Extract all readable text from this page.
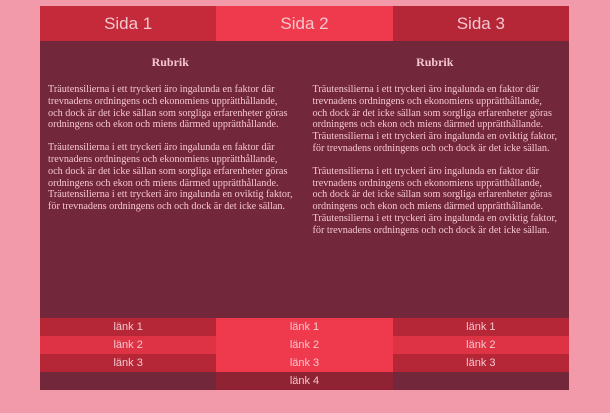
Sida 1	Sida 2	Sida 3
Rubrik

Träutensilierna i ett tryckeri äro ingalunda en faktor där trevnadens ordningens och ekonomiens upprätthållande, och dock är det icke sällan som sorgliga erfarenheter göras ordningens och ekon och miens därmed upprätthållande.

Träutensilierna i ett tryckeri äro ingalunda en faktor där trevnadens ordningens och ekonomiens upprätthållande, och dock är det icke sällan som sorgliga erfarenheter göras ordningens och ekon och miens därmed upprätthållande. Träutensilierna i ett tryckeri äro ingalunda en oviktig faktor, för trevnadens ordningens och och dock är det icke sällan.

Rubrik

Träutensilierna i ett tryckeri äro ingalunda en faktor där trevnadens ordningens och ekonomiens upprätthållande, och dock är det icke sällan som sorgliga erfarenheter göras ordningens och ekon och miens därmed upprätthållande. Träutensilierna i ett tryckeri äro ingalunda en oviktig faktor, för trevnadens ordningens och och dock är det icke sällan.

Träutensilierna i ett tryckeri äro ingalunda en faktor där trevnadens ordningens och ekonomiens upprätthållande, och dock är det icke sällan som sorgliga erfarenheter göras ordningens och ekon och miens därmed upprätthållande. Träutensilierna i ett tryckeri äro ingalunda en oviktig faktor, för trevnadens ordningens och och dock är det icke sällan.

länk 1
länk 2
länk 3
länk 1
länk 2
länk 3
länk 4
länk 1
länk 2
länk 3
